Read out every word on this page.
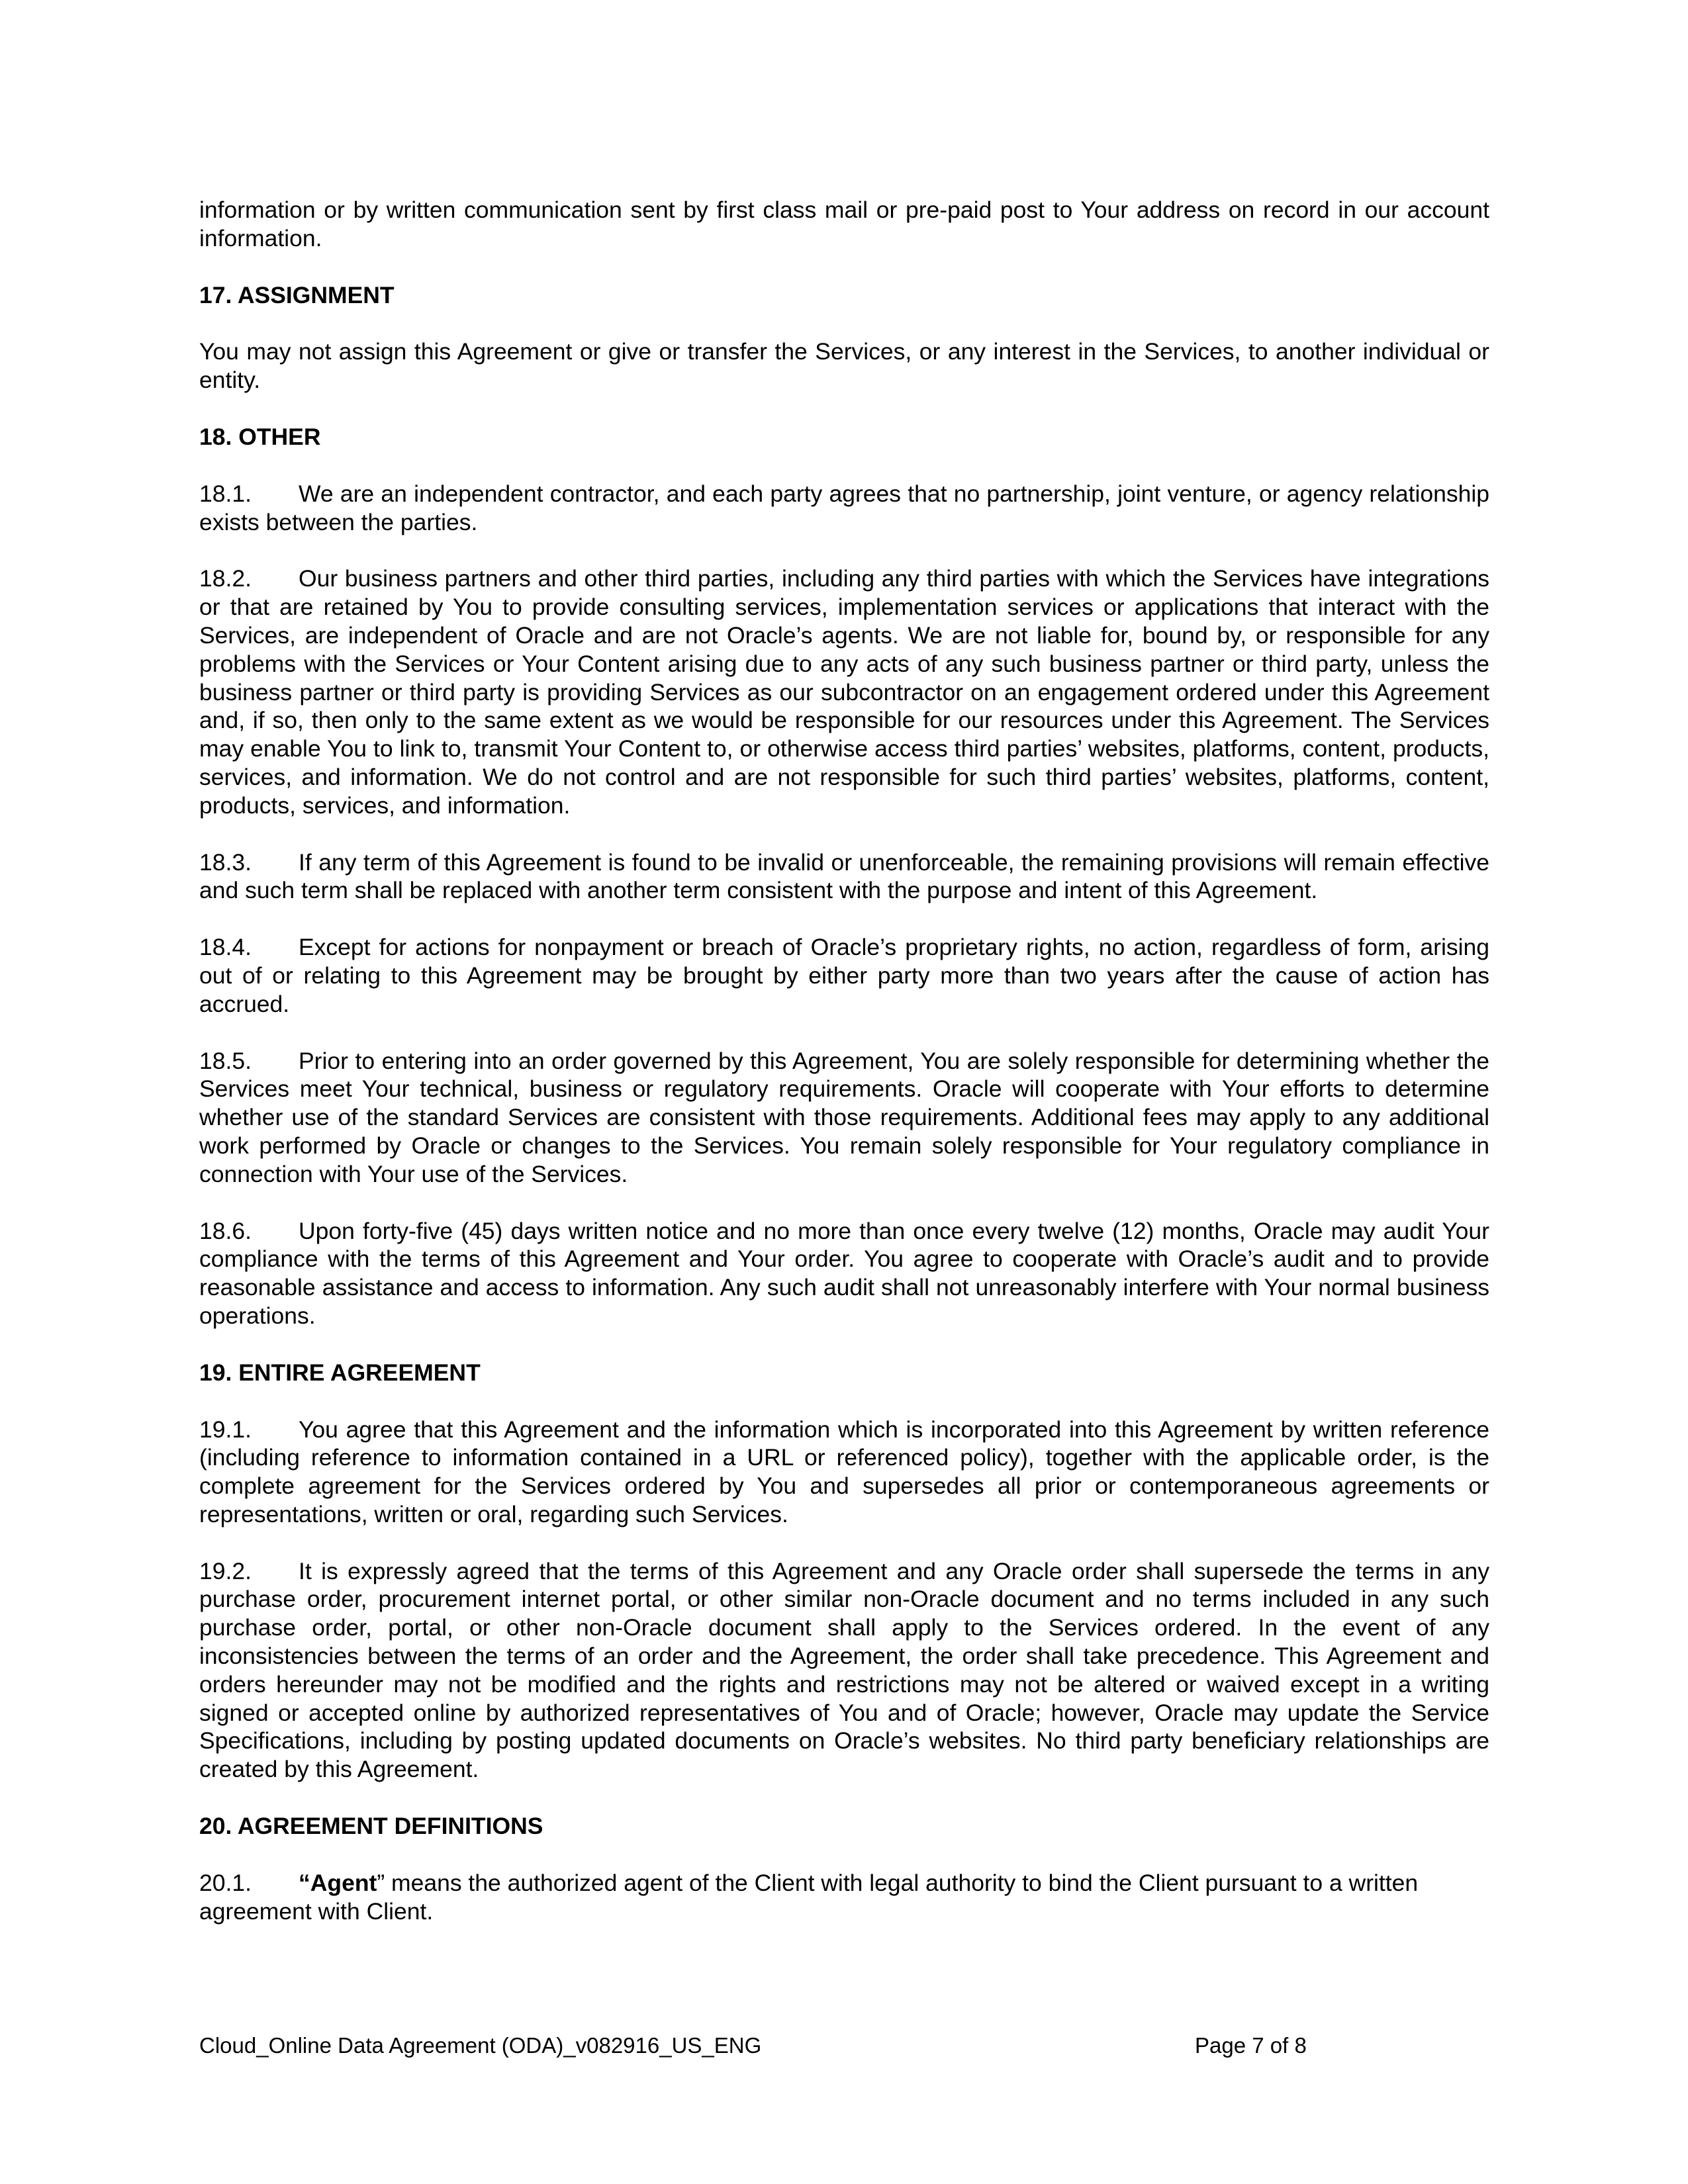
information or by written communication sent by first class mail or pre-paid post to Your address on record in our account information.

17. ASSIGNMENT

You may not assign this Agreement or give or transfer the Services, or any interest in the Services, to another individual or entity.

18. OTHER

18.1. We are an independent contractor, and each party agrees that no partnership, joint venture, or agency relationship exists between the parties.

18.2. Our business partners and other third parties, including any third parties with which the Services have integrations or that are retained by You to provide consulting services, implementation services or applications that interact with the Services, are independent of Oracle and are not Oracle’s agents. We are not liable for, bound by, or responsible for any problems with the Services or Your Content arising due to any acts of any such business partner or third party, unless the business partner or third party is providing Services as our subcontractor on an engagement ordered under this Agreement and, if so, then only to the same extent as we would be responsible for our resources under this Agreement. The Services may enable You to link to, transmit Your Content to, or otherwise access third parties’ websites, platforms, content, products, services, and information. We do not control and are not responsible for such third parties’ websites, platforms, content, products, services, and information.

18.3. If any term of this Agreement is found to be invalid or unenforceable, the remaining provisions will remain effective and such term shall be replaced with another term consistent with the purpose and intent of this Agreement.

18.4. Except for actions for nonpayment or breach of Oracle’s proprietary rights, no action, regardless of form, arising out of or relating to this Agreement may be brought by either party more than two years after the cause of action has accrued.

18.5. Prior to entering into an order governed by this Agreement, You are solely responsible for determining whether the Services meet Your technical, business or regulatory requirements. Oracle will cooperate with Your efforts to determine whether use of the standard Services are consistent with those requirements. Additional fees may apply to any additional work performed by Oracle or changes to the Services. You remain solely responsible for Your regulatory compliance in connection with Your use of the Services.

18.6. Upon forty-five (45) days written notice and no more than once every twelve (12) months, Oracle may audit Your compliance with the terms of this Agreement and Your order. You agree to cooperate with Oracle’s audit and to provide reasonable assistance and access to information. Any such audit shall not unreasonably interfere with Your normal business operations.

19. ENTIRE AGREEMENT

19.1. You agree that this Agreement and the information which is incorporated into this Agreement by written reference (including reference to information contained in a URL or referenced policy), together with the applicable order, is the complete agreement for the Services ordered by You and supersedes all prior or contemporaneous agreements or representations, written or oral, regarding such Services.

19.2. It is expressly agreed that the terms of this Agreement and any Oracle order shall supersede the terms in any purchase order, procurement internet portal, or other similar non-Oracle document and no terms included in any such purchase order, portal, or other non-Oracle document shall apply to the Services ordered. In the event of any inconsistencies between the terms of an order and the Agreement, the order shall take precedence. This Agreement and orders hereunder may not be modified and the rights and restrictions may not be altered or waived except in a writing signed or accepted online by authorized representatives of You and of Oracle; however, Oracle may update the Service Specifications, including by posting updated documents on Oracle’s websites. No third party beneficiary relationships are created by this Agreement.

20. AGREEMENT DEFINITIONS

20.1. “Agent” means the authorized agent of the Client with legal authority to bind the Client pursuant to a written agreement with Client.

Cloud_Online Data Agreement (ODA)_v082916_US_ENG	Page 7 of 8
